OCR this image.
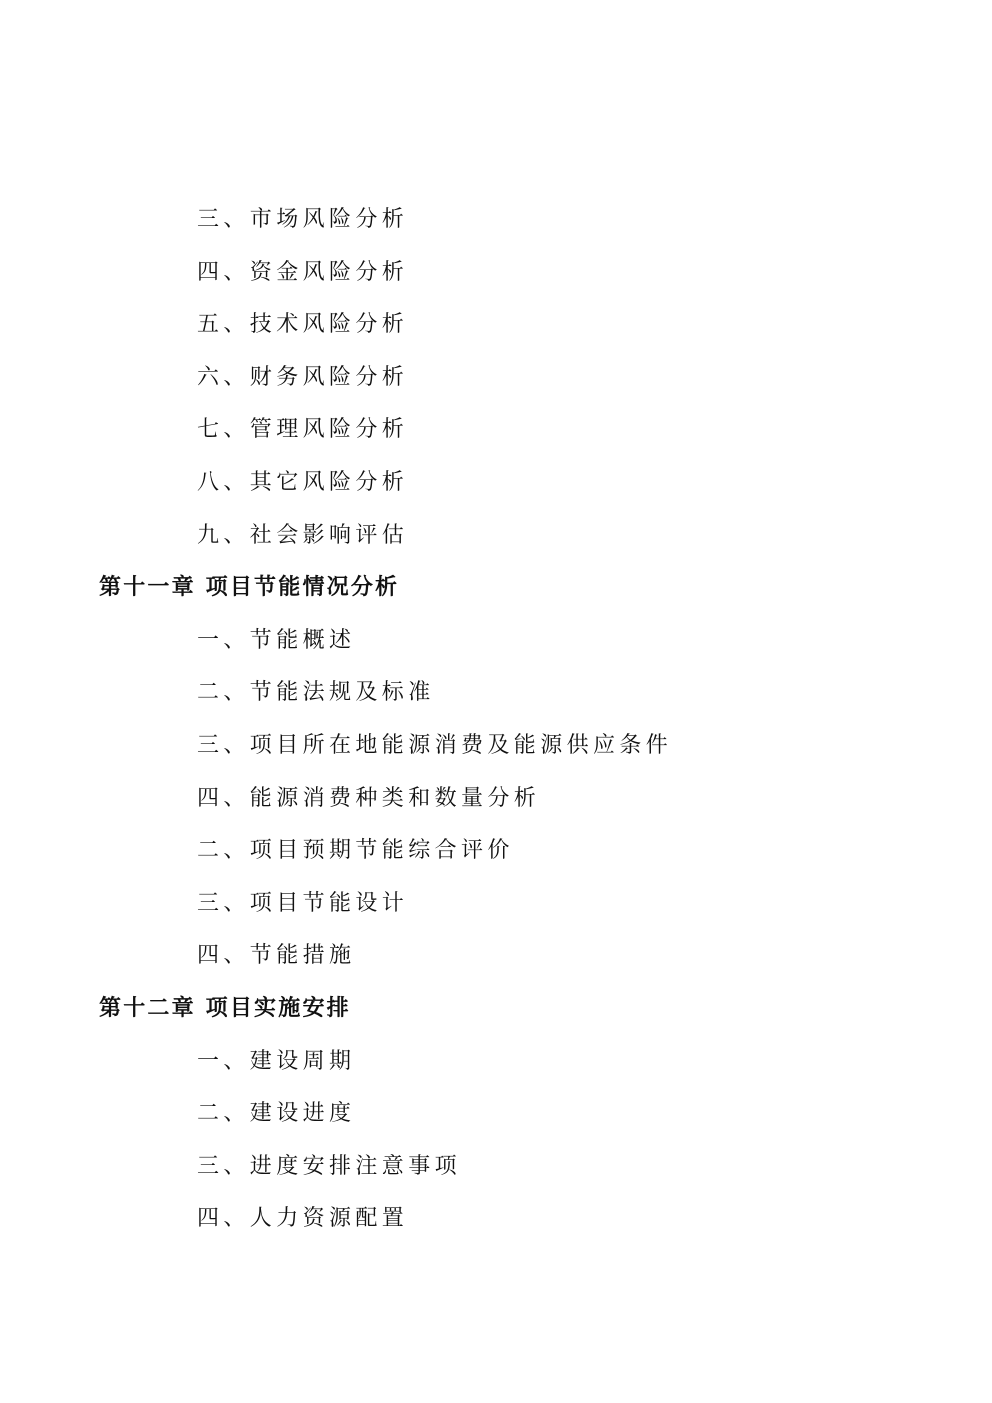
三、市场风险分析
四、资金风险分析
五、技术风险分析
六、财务风险分析
七、管理风险分析
八、其它风险分析
九、社会影响评估
第十一章 项目节能情况分析
一、节能概述
二、节能法规及标准
三、项目所在地能源消费及能源供应条件
四、能源消费种类和数量分析
二、项目预期节能综合评价
三、项目节能设计
四、节能措施
第十二章 项目实施安排
一、建设周期
二、建设进度
三、进度安排注意事项
四、人力资源配置
